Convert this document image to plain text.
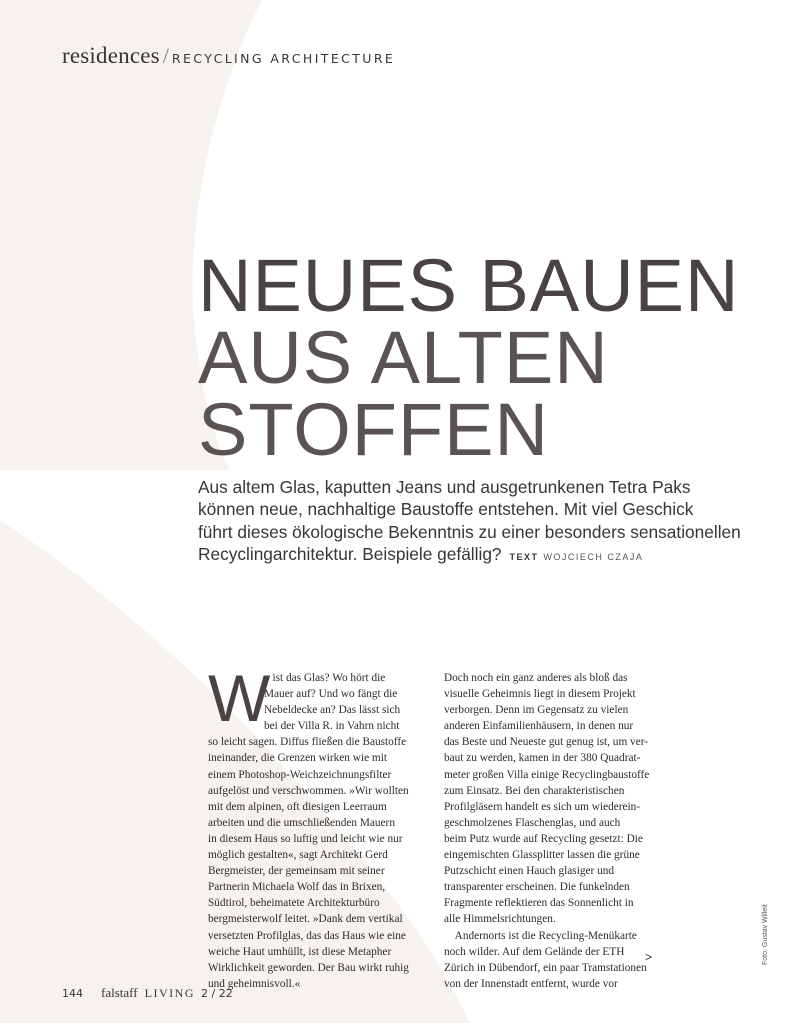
residences / RECYCLING ARCHITECTURE
NEUES BAUEN
AUS ALTEN
STOFFEN

Aus altem Glas, kaputten Jeans und ausgetrunkenen Tetra Paks

können neue, nachhaltige Baustoffe entstehen. Mit viel Geschick

führt dieses ökologische Bekenntnis zu einer besonders sensationellen

Recyclingarchitektur. Beispiele gefällig? TEXT WOJCIECH CZAJA

W

o ist das Glas? Wo hört die

Mauer auf? Und wo fängt die

Nebeldecke an? Das lässt sich

bei der Villa R. in Vahrn nicht

so leicht sagen. Diffus fließen die Baustoffe

ineinander, die Grenzen wirken wie mit

einem Photoshop-Weichzeichnungsfilter

aufgelöst und verschwommen. »Wir wollten

mit dem alpinen, oft diesigen Leerraum

arbeiten und die umschließenden Mauern

in diesem Haus so luftig und leicht wie nur

möglich gestalten«, sagt Architekt Gerd

Bergmeister, der gemeinsam mit seiner

Partnerin Michaela Wolf das in Brixen,

Südtirol, beheimatete Architekturbüro

bergmeisterwolf leitet. »Dank dem vertikal

versetzten Profilglas, das das Haus wie eine

weiche Haut umhüllt, ist diese Metapher

Wirklichkeit geworden. Der Bau wirkt ruhig

und geheimnisvoll.«

Doch noch ein ganz anderes als bloß das

visuelle Geheimnis liegt in diesem Projekt

verborgen. Denn im Gegensatz zu vielen

anderen Einfamilienhäusern, in denen nur

das Beste und Neueste gut genug ist, um ver-

baut zu werden, kamen in der 380 Quadrat-

meter großen Villa einige Recyclingbaustoffe

zum Einsatz. Bei den charakteristischen

Profilgläsern handelt es sich um wiederein-

geschmolzenes Flaschenglas, und auch

beim Putz wurde auf Recycling gesetzt: Die

eingemischten Glassplitter lassen die grüne

Putzschicht einen Hauch glasiger und

transparenter erscheinen. Die funkelnden

Fragmente reflektieren das Sonnenlicht in

alle Himmelsrichtungen.

Andernorts ist die Recycling-Menükarte

noch wilder. Auf dem Gelände der ETH

Zürich in Dübendorf, ein paar Tramstationen

von der Innenstadt entfernt, wurde vor

>
144 falstaff LIVING 2 / 22
Foto: Gustav Willeit
